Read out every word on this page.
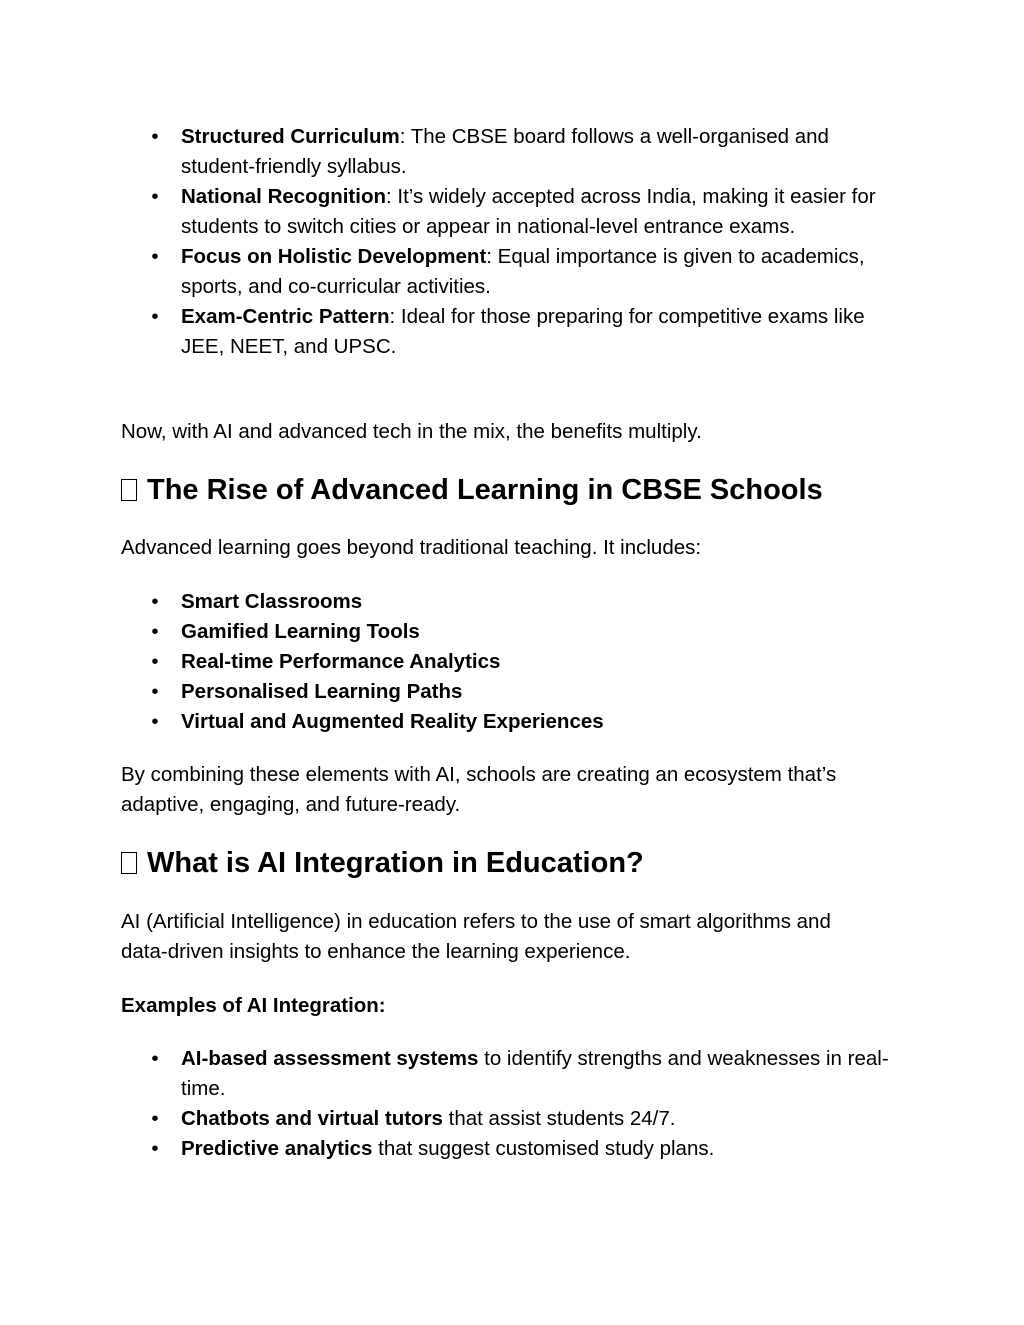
• Structured Curriculum: The CBSE board follows a well-organised and student-friendly syllabus.
• National Recognition: It’s widely accepted across India, making it easier for students to switch cities or appear in national-level entrance exams.
• Focus on Holistic Development: Equal importance is given to academics, sports, and co-curricular activities.
• Exam-Centric Pattern: Ideal for those preparing for competitive exams like JEE, NEET, and UPSC.

Now, with AI and advanced tech in the mix, the benefits multiply.

The Rise of Advanced Learning in CBSE Schools

Advanced learning goes beyond traditional teaching. It includes:

• Smart Classrooms
• Gamified Learning Tools
• Real-time Performance Analytics
• Personalised Learning Paths
• Virtual and Augmented Reality Experiences

By combining these elements with AI, schools are creating an ecosystem that’s adaptive, engaging, and future-ready.

What is AI Integration in Education?

AI (Artificial Intelligence) in education refers to the use of smart algorithms and data-driven insights to enhance the learning experience.

Examples of AI Integration:

• AI-based assessment systems to identify strengths and weaknesses in real-time.
• Chatbots and virtual tutors that assist students 24/7.
• Predictive analytics that suggest customised study plans.
